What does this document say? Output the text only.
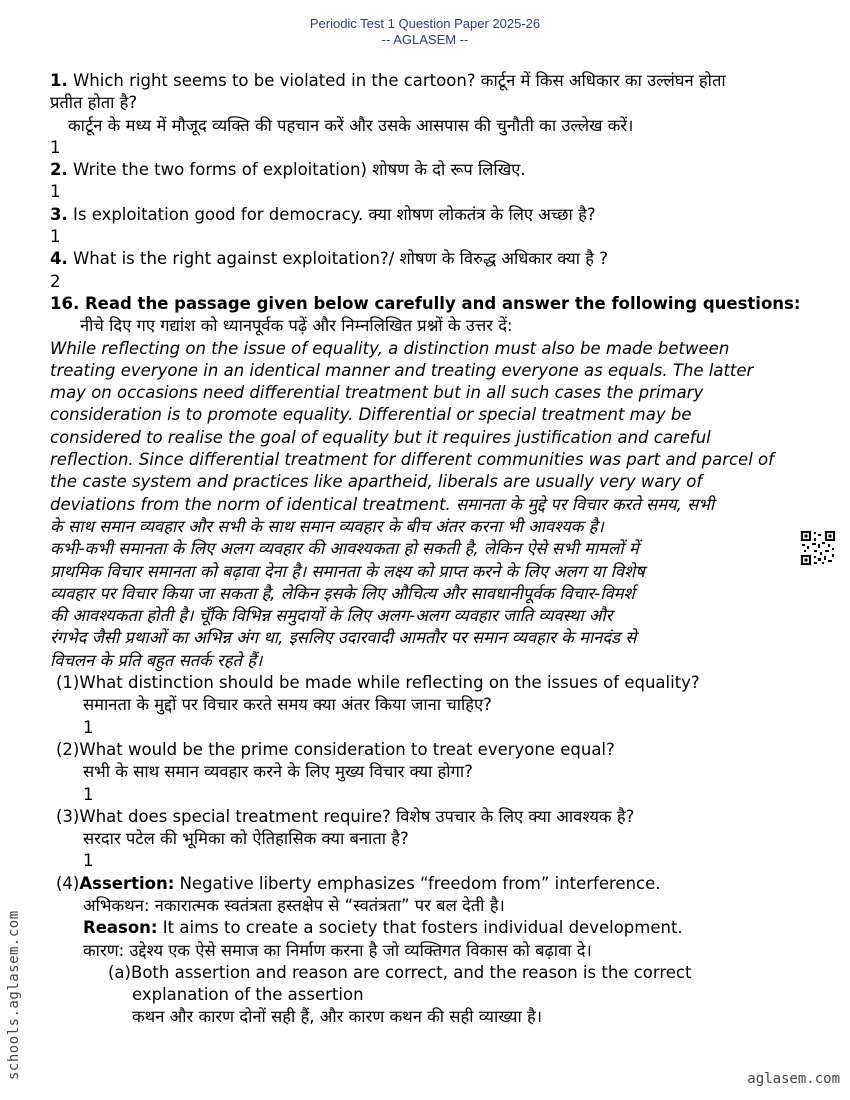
Periodic Test 1 Question Paper 2025-26
-- AGLASEM --
1. Which right seems to be violated in the cartoon? कार्टून में किस अधिकार का उल्लंघन होता
प्रतीत होता है?
कार्टून के मध्य में मौजूद व्यक्ति की पहचान करें और उसके आसपास की चुनौती का उल्लेख करें।
1
2. Write the two forms of exploitation) शोषण के दो रूप लिखिए.
1
3. Is exploitation good for democracy. क्या शोषण लोकतंत्र के लिए अच्छा है?
1
4. What is the right against exploitation?/ शोषण के विरुद्ध अधिकार क्या है ?
2
16. Read the passage given below carefully and answer the following questions:
नीचे दिए गए गद्यांश को ध्यानपूर्वक पढ़ें और निम्नलिखित प्रश्नों के उत्तर दें:
While reflecting on the issue of equality, a distinction must also be made between
treating everyone in an identical manner and treating everyone as equals. The latter
may on occasions need differential treatment but in all such cases the primary
consideration is to promote equality. Differential or special treatment may be
considered to realise the goal of equality but it requires justification and careful
reflection. Since differential treatment for different communities was part and parcel of
the caste system and practices like apartheid, liberals are usually very wary of
deviations from the norm of identical treatment. समानता के मुद्दे पर विचार करते समय, सभी
के साथ समान व्यवहार और सभी के साथ समान व्यवहार के बीच अंतर करना भी आवश्यक है।
कभी-कभी समानता के लिए अलग व्यवहार की आवश्यकता हो सकती है, लेकिन ऐसे सभी मामलों में
प्राथमिक विचार समानता को बढ़ावा देना है। समानता के लक्ष्य को प्राप्त करने के लिए अलग या विशेष
व्यवहार पर विचार किया जा सकता है, लेकिन इसके लिए औचित्य और सावधानीपूर्वक विचार-विमर्श
की आवश्यकता होती है। चूँकि विभिन्न समुदायों के लिए अलग-अलग व्यवहार जाति व्यवस्था और
रंगभेद जैसी प्रथाओं का अभिन्न अंग था, इसलिए उदारवादी आमतौर पर समान व्यवहार के मानदंड से
विचलन के प्रति बहुत सतर्क रहते हैं।
(1)What distinction should be made while reflecting on the issues of equality?
समानता के मुद्दों पर विचार करते समय क्या अंतर किया जाना चाहिए?
1
(2)What would be the prime consideration to treat everyone equal?
सभी के साथ समान व्यवहार करने के लिए मुख्य विचार क्या होगा?
1
(3)What does special treatment require? विशेष उपचार के लिए क्या आवश्यक है?
सरदार पटेल की भूमिका को ऐतिहासिक क्या बनाता है?
1
(4)Assertion: Negative liberty emphasizes “freedom from” interference.
अभिकथन: नकारात्मक स्वतंत्रता हस्तक्षेप से “स्वतंत्रता” पर बल देती है।
Reason: It aims to create a society that fosters individual development.
कारण: उद्देश्य एक ऐसे समाज का निर्माण करना है जो व्यक्तिगत विकास को बढ़ावा दे।
(a)Both assertion and reason are correct, and the reason is the correct
explanation of the assertion
कथन और कारण दोनों सही हैं, और कारण कथन की सही व्याख्या है।
schools.aglasem.com	aglasem.com
